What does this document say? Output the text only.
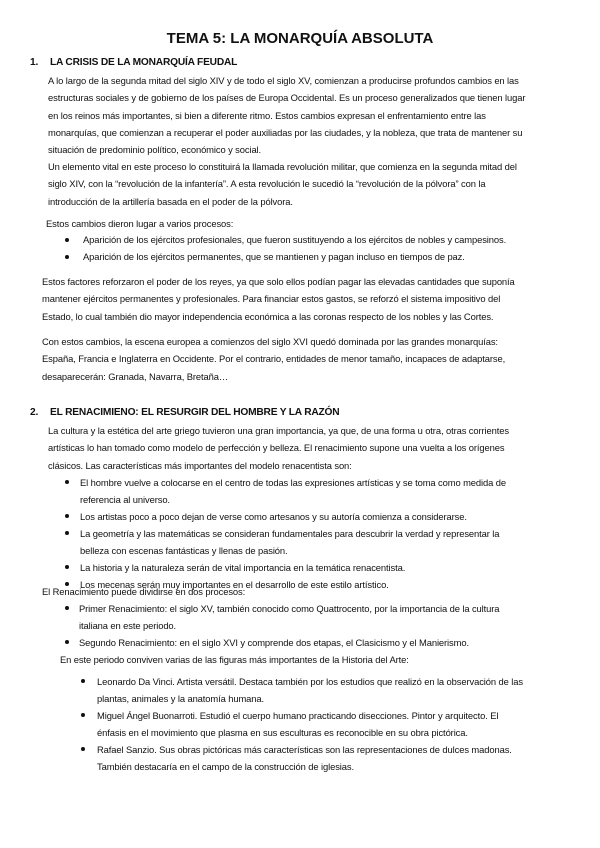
TEMA 5: LA MONARQUÍA ABSOLUTA
1. LA CRISIS DE LA MONARQUÍA FEUDAL
A lo largo de la segunda mitad del siglo XIV y de todo el siglo XV, comienzan a producirse profundos cambios en las
estructuras sociales y de gobierno de los países de Europa Occidental. Es un proceso generalizados que tienen lugar
en los reinos más importantes, si bien a diferente ritmo. Estos cambios expresan el enfrentamiento entre las
monarquías, que comienzan a recuperar el poder auxiliadas por las ciudades, y la nobleza, que trata de mantener su
situación de predominio político, económico y social.
Un elemento vital en este proceso lo constituirá la llamada revolución militar, que comienza en la segunda mitad del
siglo XIV, con la “revolución de la infantería”. A esta revolución le sucedió la “revolución de la pólvora” con la
introducción de la artillería basada en el poder de la pólvora.
Estos cambios dieron lugar a varios procesos:
Aparición de los ejércitos profesionales, que fueron sustituyendo a los ejércitos de nobles y campesinos.
Aparición de los ejércitos permanentes, que se mantienen y pagan incluso en tiempos de paz.
Estos factores reforzaron el poder de los reyes, ya que solo ellos podían pagar las elevadas cantidades que suponía
mantener ejércitos permanentes y profesionales. Para financiar estos gastos, se reforzó el sistema impositivo del
Estado, lo cual también dio mayor independencia económica a las coronas respecto de los nobles y las Cortes.
Con estos cambios, la escena europea a comienzos del siglo XVI quedó dominada por las grandes monarquías:
España, Francia e Inglaterra en Occidente. Por el contrario, entidades de menor tamaño, incapaces de adaptarse,
desaparecerán: Granada, Navarra, Bretaña…
2. EL RENACIMIENO: EL RESURGIR DEL HOMBRE Y LA RAZÓN
La cultura y la estética del arte griego tuvieron una gran importancia, ya que, de una forma u otra, otras corrientes
artísticas lo han tomado como modelo de perfección y belleza. El renacimiento supone una vuelta a los orígenes
clásicos. Las características más importantes del modelo renacentista son:
El hombre vuelve a colocarse en el centro de todas las expresiones artísticas y se toma como medida de
referencia al universo.
Los artistas poco a poco dejan de verse como artesanos y su autoría comienza a considerarse.
La geometría y las matemáticas se consideran fundamentales para descubrir la verdad y representar la
belleza con escenas fantásticas y llenas de pasión.
La historia y la naturaleza serán de vital importancia en la temática renacentista.
Los mecenas serán muy importantes en el desarrollo de este estilo artístico.
El Renacimiento puede dividirse en dos procesos:
Primer Renacimiento: el siglo XV, también conocido como Quattrocento, por la importancia de la cultura
italiana en este periodo.
Segundo Renacimiento: en el siglo XVI y comprende dos etapas, el Clasicismo y el Manierismo.
En este periodo conviven varias de las figuras más importantes de la Historia del Arte:
Leonardo Da Vinci. Artista versátil. Destaca también por los estudios que realizó en la observación de las
plantas, animales y la anatomía humana.
Miguel Ángel Buonarroti. Estudió el cuerpo humano practicando disecciones. Pintor y arquitecto. El
énfasis en el movimiento que plasma en sus esculturas es reconocible en su obra pictórica.
Rafael Sanzio. Sus obras pictóricas más características son las representaciones de dulces madonas.
También destacaría en el campo de la construcción de iglesias.
